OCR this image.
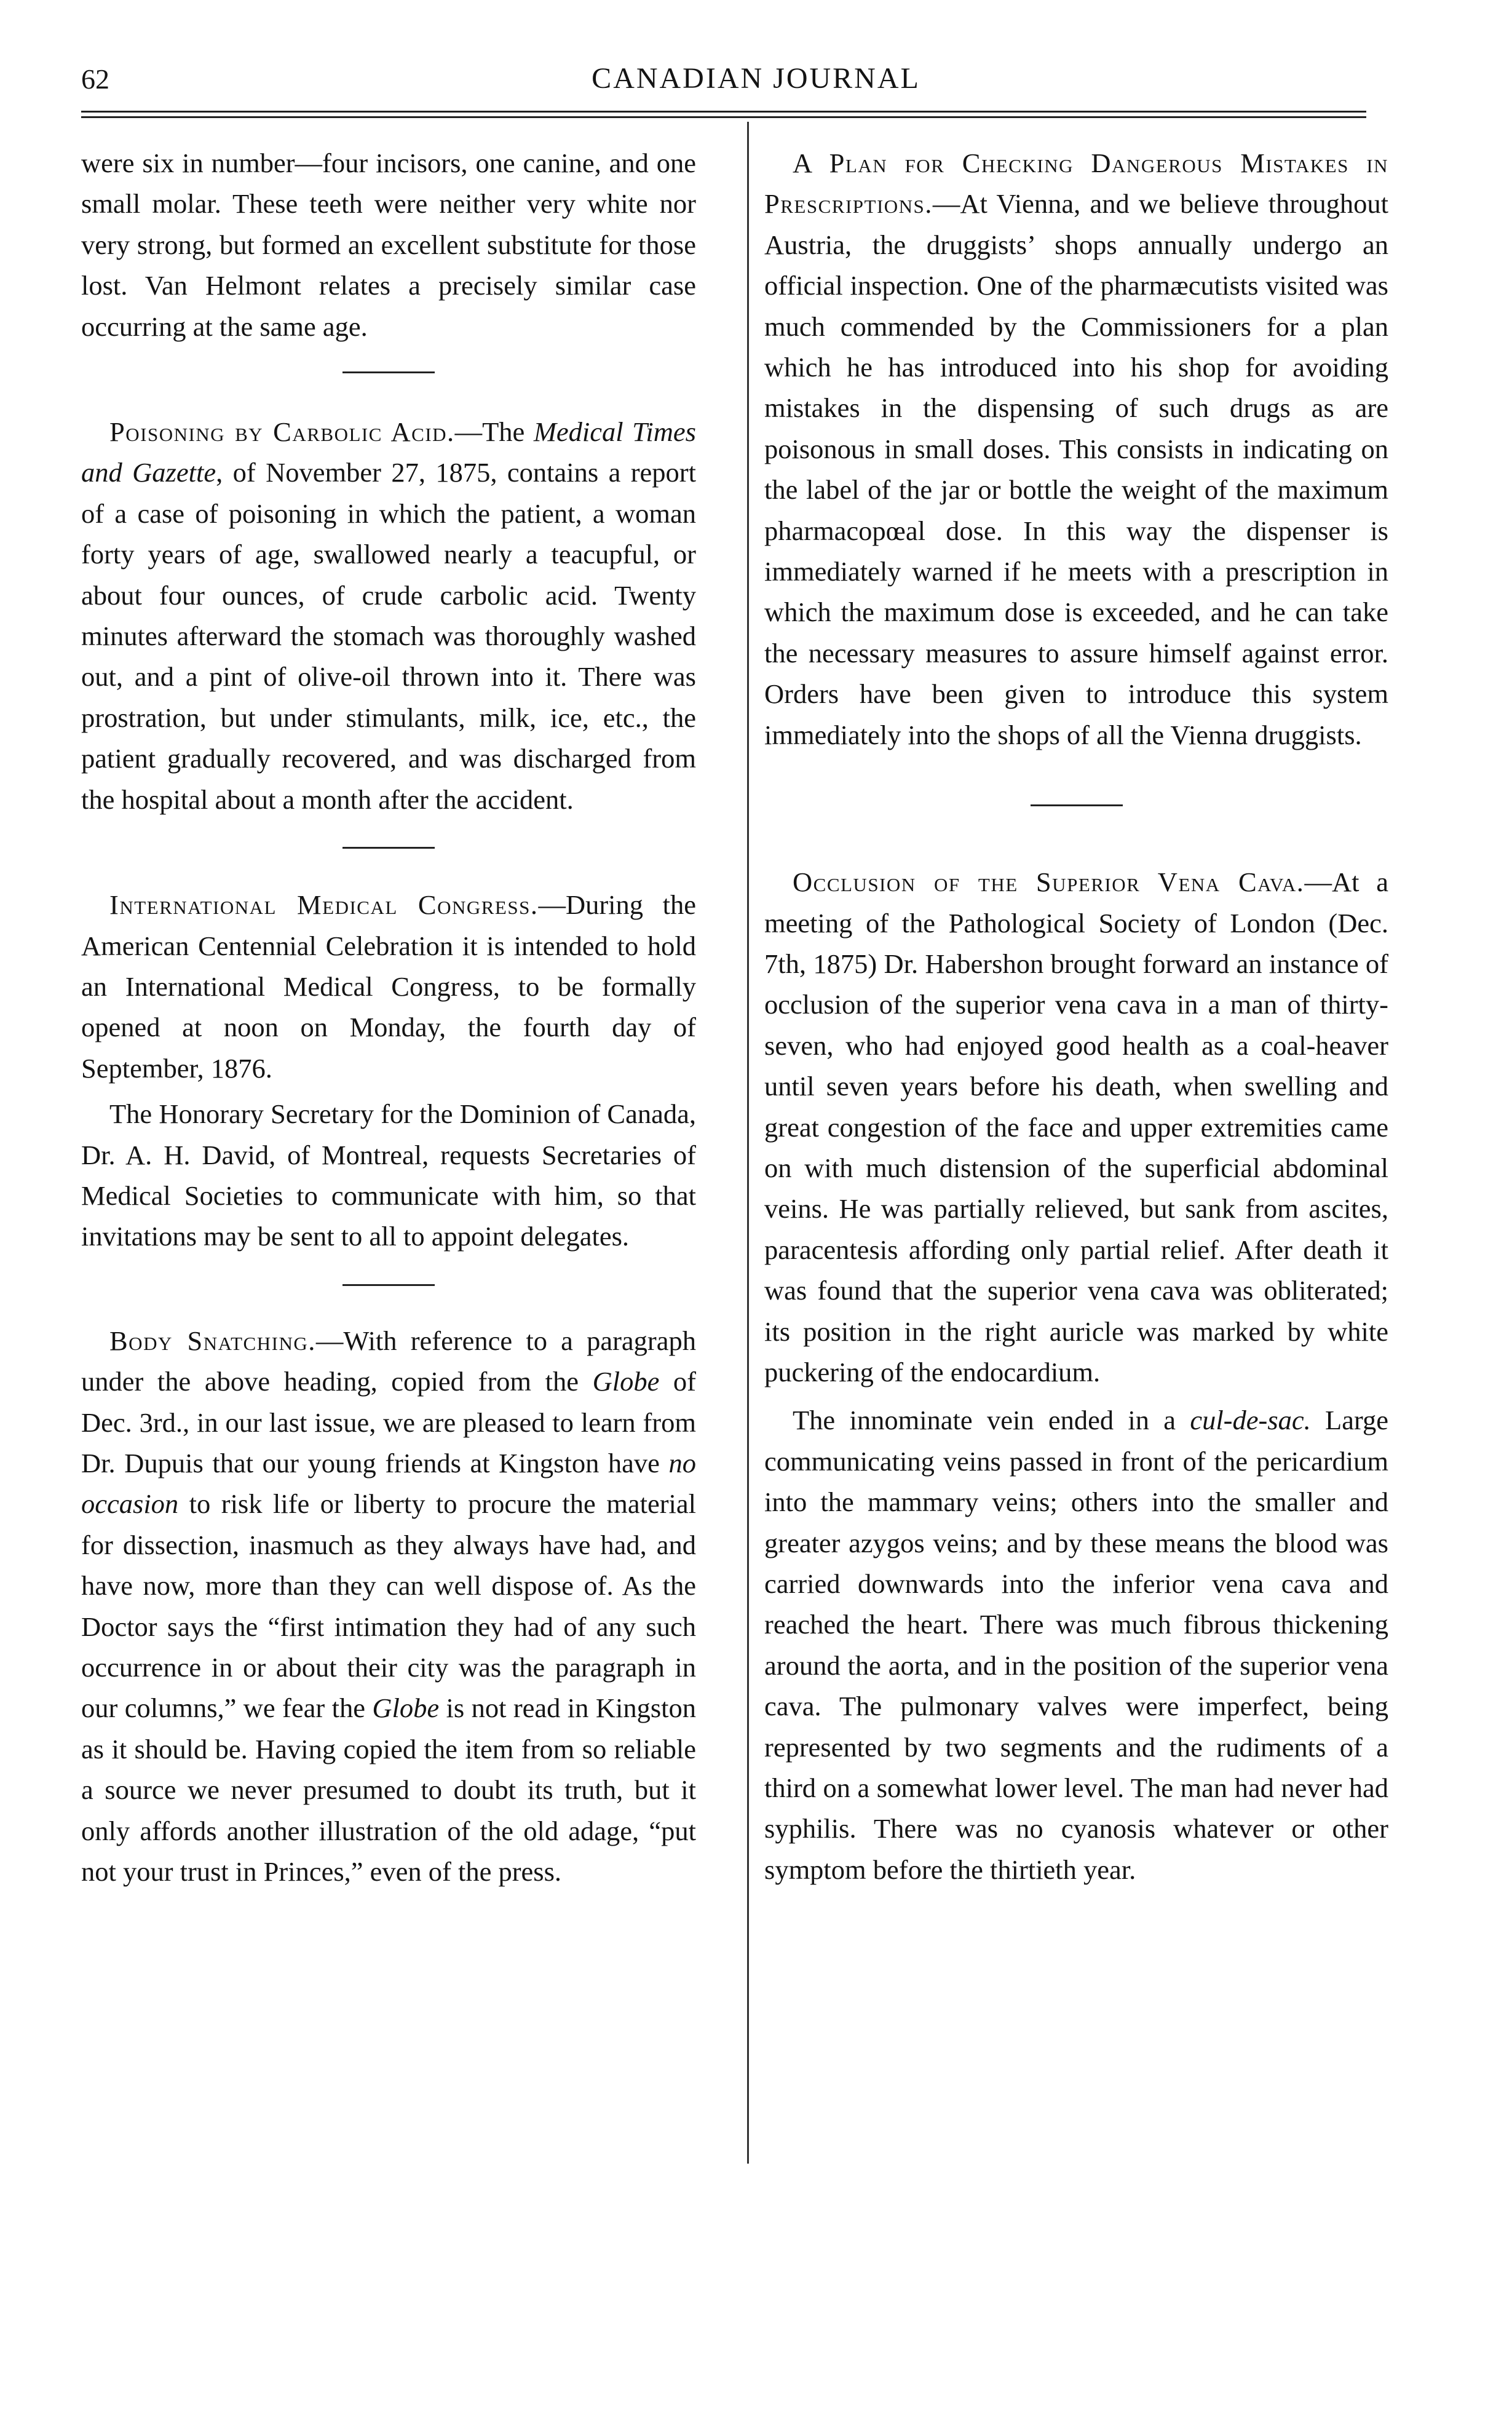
62	CANADIAN JOURNAL

were six in number—four incisors, one canine, and one small molar. These teeth were neither very white nor very strong, but formed an excellent substitute for those lost. Van Helmont relates a precisely similar case occurring at the same age.

Poisoning by Carbolic Acid.—The Medical Times and Gazette, of November 27, 1875, contains a report of a case of poisoning in which the patient, a woman forty years of age, swallowed nearly a teacupful, or about four ounces, of crude carbolic acid. Twenty minutes afterward the stomach was thoroughly washed out, and a pint of olive-oil thrown into it. There was prostration, but under stimulants, milk, ice, etc., the patient gradually recovered, and was discharged from the hospital about a month after the accident.

International Medical Congress.—During the American Centennial Celebration it is intended to hold an International Medical Congress, to be formally opened at noon on Monday, the fourth day of September, 1876.

The Honorary Secretary for the Dominion of Canada, Dr. A. H. David, of Montreal, requests Secretaries of Medical Societies to communicate with him, so that invitations may be sent to all to appoint delegates.

Body Snatching.—With reference to a paragraph under the above heading, copied from the Globe of Dec. 3rd., in our last issue, we are pleased to learn from Dr. Dupuis that our young friends at Kingston have no occasion to risk life or liberty to procure the material for dissection, inasmuch as they always have had, and have now, more than they can well dispose of. As the Doctor says the “first intimation they had of any such occurrence in or about their city was the paragraph in our columns,” we fear the Globe is not read in Kingston as it should be. Having copied the item from so reliable a source we never presumed to doubt its truth, but it only affords another illustration of the old adage, “put not your trust in Princes,” even of the press.

A Plan for Checking Dangerous Mistakes in Prescriptions.—At Vienna, and we believe throughout Austria, the druggists’ shops annually undergo an official inspection. One of the pharmæcutists visited was much commended by the Commissioners for a plan which he has introduced into his shop for avoiding mistakes in the dispensing of such drugs as are poisonous in small doses. This consists in indicating on the label of the jar or bottle the weight of the maximum pharmacopœal dose. In this way the dispenser is immediately warned if he meets with a prescription in which the maximum dose is exceeded, and he can take the necessary measures to assure himself against error. Orders have been given to introduce this system immediately into the shops of all the Vienna druggists.

Occlusion of the Superior Vena Cava.—At a meeting of the Pathological Society of London (Dec. 7th, 1875) Dr. Habershon brought forward an instance of occlusion of the superior vena cava in a man of thirty-seven, who had enjoyed good health as a coal-heaver until seven years before his death, when swelling and great congestion of the face and upper extremities came on with much distension of the superficial abdominal veins. He was partially relieved, but sank from ascites, paracentesis affording only partial relief. After death it was found that the superior vena cava was obliterated; its position in the right auricle was marked by white puckering of the endocardium.

The innominate vein ended in a cul-de-sac. Large communicating veins passed in front of the pericardium into the mammary veins; others into the smaller and greater azygos veins; and by these means the blood was carried downwards into the inferior vena cava and reached the heart. There was much fibrous thickening around the aorta, and in the position of the superior vena cava. The pulmonary valves were imperfect, being represented by two segments and the rudiments of a third on a somewhat lower level. The man had never had syphilis. There was no cyanosis whatever or other symptom before the thirtieth year.
